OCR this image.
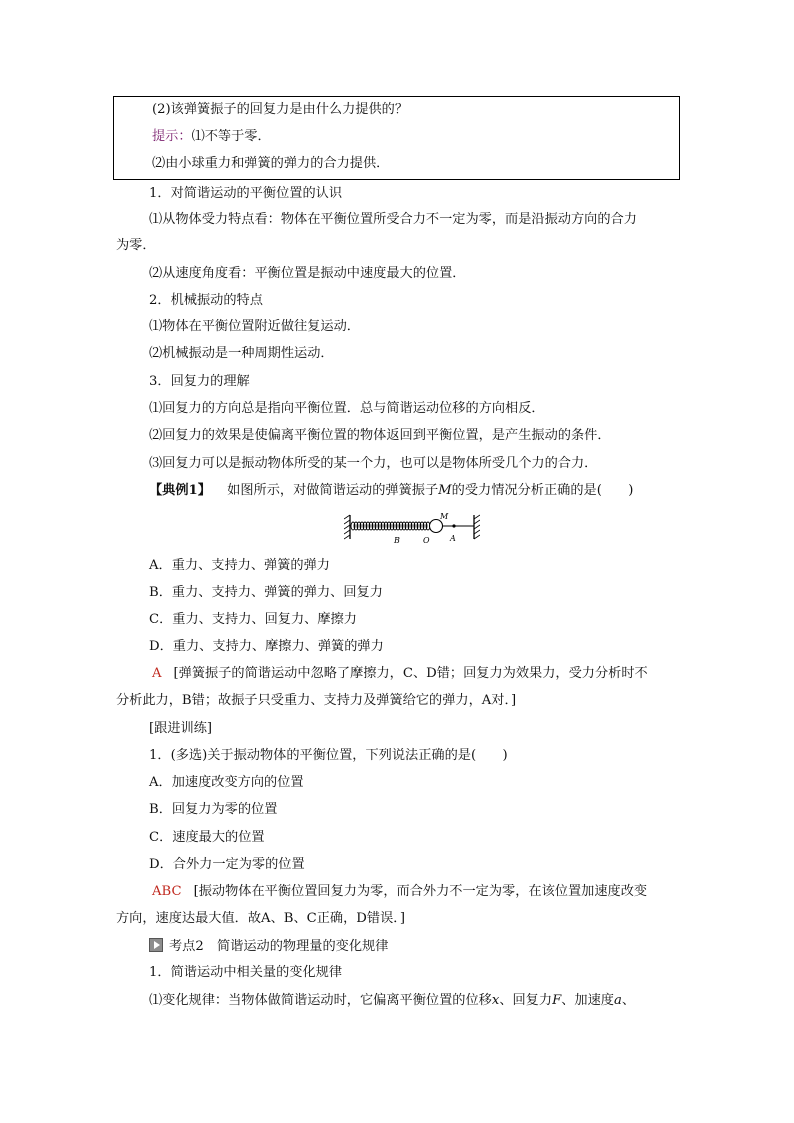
(2)该弹簧振子的回复力是由什么力提供的？
提示：⑴不等于零．
⑵由小球重力和弹簧的弹力的合力提供．
1．对简谐运动的平衡位置的认识
⑴从物体受力特点看：物体在平衡位置所受合力不一定为零，而是沿振动方向的合力
为零．
⑵从速度角度看：平衡位置是振动中速度最大的位置．
2．机械振动的特点
⑴物体在平衡位置附近做往复运动．
⑵机械振动是一种周期性运动．
3．回复力的理解
⑴回复力的方向总是指向平衡位置．总与简谐运动位移的方向相反．
⑵回复力的效果是使偏离平衡位置的物体返回到平衡位置，是产生振动的条件．
⑶回复力可以是振动物体所受的某一个力，也可以是物体所受几个力的合力．
【典例1】 如图所示，对做简谐运动的弹簧振子M的受力情况分析正确的是(　　)
M
B	O	A
A．重力、支持力、弹簧的弹力
B．重力、支持力、弹簧的弹力、回复力
C．重力、支持力、回复力、摩擦力
D．重力、支持力、摩擦力、弹簧的弹力
A [弹簧振子的简谐运动中忽略了摩擦力，C、D错；回复力为效果力，受力分析时不
分析此力，B错；故振子只受重力、支持力及弹簧给它的弹力，A对．]
[跟进训练]
1．(多选)关于振动物体的平衡位置，下列说法正确的是(　　)
A．加速度改变方向的位置
B．回复力为零的位置
C．速度最大的位置
D．合外力一定为零的位置
ABC [振动物体在平衡位置回复力为零，而合外力不一定为零，在该位置加速度改变
方向，速度达最大值．故A、B、C正确，D错误．]
考点2　简谐运动的物理量的变化规律
1．简谐运动中相关量的变化规律
⑴变化规律：当物体做简谐运动时，它偏离平衡位置的位移x、回复力F、加速度a、
